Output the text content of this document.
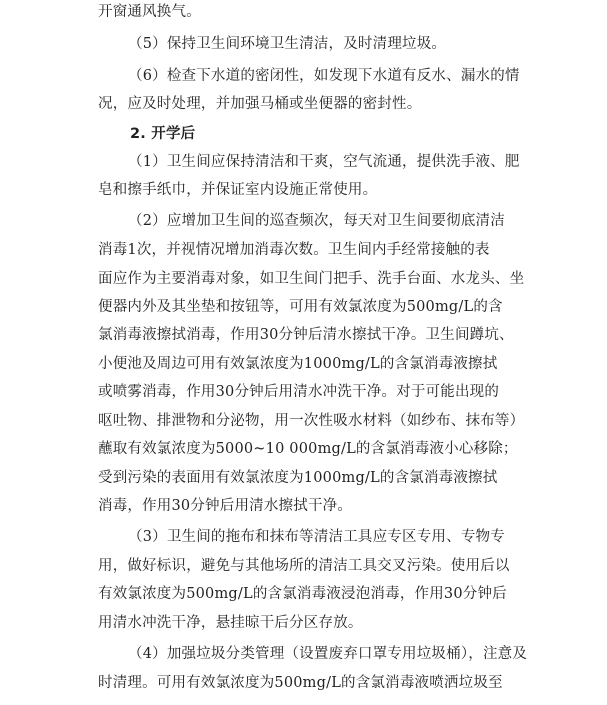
开窗通风换气。
（5）保持卫生间环境卫生清洁，及时清理垃圾。
（6）检查下水道的密闭性，如发现下水道有反水、漏水的情
况，应及时处理，并加强马桶或坐便器的密封性。
2. 开学后
（1）卫生间应保持清洁和干爽，空气流通，提供洗手液、肥
皂和擦手纸巾，并保证室内设施正常使用。
（2）应增加卫生间的巡查频次，每天对卫生间要彻底清洁
消毒1次，并视情况增加消毒次数。卫生间内手经常接触的表
面应作为主要消毒对象，如卫生间门把手、洗手台面、水龙头、坐
便器内外及其坐垫和按钮等，可用有效氯浓度为500mg/L的含
氯消毒液擦拭消毒，作用30分钟后清水擦拭干净。卫生间蹲坑、
小便池及周边可用有效氯浓度为1000mg/L的含氯消毒液擦拭
或喷雾消毒，作用30分钟后用清水冲洗干净。对于可能出现的
呕吐物、排泄物和分泌物，用一次性吸水材料（如纱布、抹布等）
蘸取有效氯浓度为5000~10 000mg/L的含氯消毒液小心移除；
受到污染的表面用有效氯浓度为1000mg/L的含氯消毒液擦拭
消毒，作用30分钟后用清水擦拭干净。
（3）卫生间的拖布和抹布等清洁工具应专区专用、专物专
用，做好标识，避免与其他场所的清洁工具交叉污染。使用后以
有效氯浓度为500mg/L的含氯消毒液浸泡消毒，作用30分钟后
用清水冲洗干净，悬挂晾干后分区存放。
（4）加强垃圾分类管理（设置废弃口罩专用垃圾桶），注意及
时清理。可用有效氯浓度为500mg/L的含氯消毒液喷洒垃圾至
